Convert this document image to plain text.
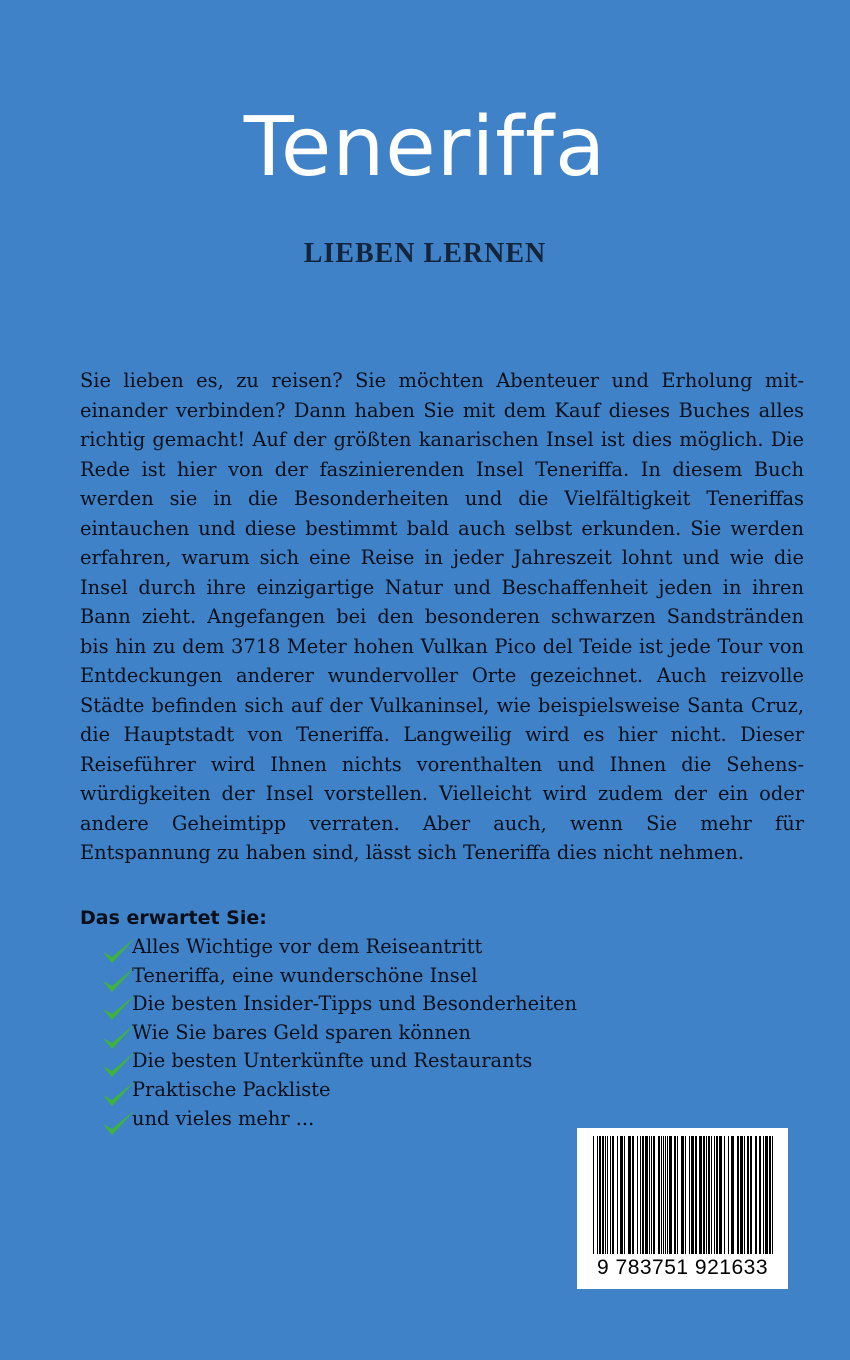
Teneriffa
LIEBEN LERNEN

Sie lieben es, zu reisen? Sie möchten Abenteuer und Erholung miteinander verbinden? Dann haben Sie mit dem Kauf dieses Buches alles richtig gemacht! Auf der größten kanarischen Insel ist dies möglich. Die Rede ist hier von der faszinierenden Insel Teneriffa. In diesem Buch werden sie in die Besonderheiten und die Vielfältigkeit Teneriffas eintauchen und diese bestimmt bald auch selbst erkunden. Sie werden erfahren, warum sich eine Reise in jeder Jahreszeit lohnt und wie die Insel durch ihre einzigartige Natur und Beschaffenheit jeden in ihren Bann zieht. Angefangen bei den besonderen schwarzen Sandstränden bis hin zu dem 3718 Meter hohen Vulkan Pico del Teide ist jede Tour von Entdeckungen anderer wundervoller Orte gezeichnet. Auch reizvolle Städte befinden sich auf der Vulkaninsel, wie beispielsweise Santa Cruz, die Hauptstadt von Teneriffa. Langweilig wird es hier nicht. Dieser Reiseführer wird Ihnen nichts vorenthalten und Ihnen die Sehenswürdigkeiten der Insel vorstellen. Vielleicht wird zudem der ein oder andere Geheimtipp verraten. Aber auch, wenn Sie mehr für Entspannung zu haben sind, lässt sich Teneriffa dies nicht nehmen.

Das erwartet Sie:
Alles Wichtige vor dem Reiseantritt
Teneriffa, eine wunderschöne Insel
Die besten Insider-Tipps und Besonderheiten
Wie Sie bares Geld sparen können
Die besten Unterkünfte und Restaurants
Praktische Packliste
und vieles mehr ...
9 783751 921633
